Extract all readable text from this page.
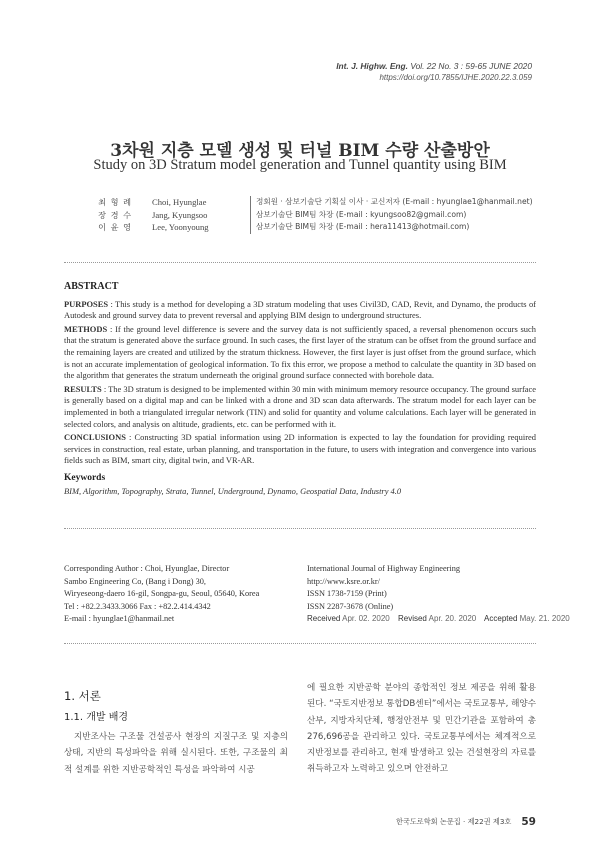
Int. J. Highw. Eng. Vol. 22 No. 3 : 59-65 JUNE 2020
https://doi.org/10.7855/IJHE.2020.22.3.059
3차원 지층 모델 생성 및 터널 BIM 수량 산출방안
Study on 3D Stratum model generation and Tunnel quantity using BIM
최 형 례 Choi, Hyunglae	정회원 · 삼보기술단 기획실 이사 · 교신저자 (E-mail : hyunglae1@hanmail.net)
장 경 수 Jang, Kyungsoo	삼보기술단 BIM팀 차장 (E-mail : kyungsoo82@gmail.com)
이 윤 영 Lee, Yoonyoung	삼보기술단 BIM팀 차장 (E-mail : hera11413@hotmail.com)
ABSTRACT

PURPOSES : This study is a method for developing a 3D stratum modeling that uses Civil3D, CAD, Revit, and Dynamo, the products of Autodesk and ground survey data to prevent reversal and applying BIM design to underground structures.

METHODS : If the ground level difference is severe and the survey data is not sufficiently spaced, a reversal phenomenon occurs such that the stratum is generated above the surface ground. In such cases, the first layer of the stratum can be offset from the ground surface and the remaining layers are created and utilized by the stratum thickness. However, the first layer is just offset from the ground surface, which is not an accurate implementation of geological information. To fix this error, we propose a method to calculate the quantity in 3D based on the algorithm that generates the stratum underneath the original ground surface connected with borehole data.

RESULTS : The 3D stratum is designed to be implemented within 30 min with minimum memory resource occupancy. The ground surface is generally based on a digital map and can be linked with a drone and 3D scan data afterwards. The stratum model for each layer can be implemented in both a triangulated irregular network (TIN) and solid for quantity and volume calculations. Each layer will be generated in selected colors, and analysis on altitude, gradients, etc. can be performed with it.

CONCLUSIONS : Constructing 3D spatial information using 2D information is expected to lay the foundation for providing required services in construction, real estate, urban planning, and transportation in the future, to users with integration and convergence into various fields such as BIM, smart city, digital twin, and VR-AR.

Keywords

BIM, Algorithm, Topography, Strata, Tunnel, Underground, Dynamo, Geospatial Data, Industry 4.0

Corresponding Author : Choi, Hyunglae, Director
Sambo Engineering Co, (Bang i Dong) 30,
Wiryeseong-daero 16-gil, Songpa-gu, Seoul, 05640, Korea
Tel : +82.2.3433.3066 Fax : +82.2.414.4342
E-mail : hyunglae1@hanmail.net
International Journal of Highway Engineering
http://www.ksre.or.kr/
ISSN 1738-7159 (Print)
ISSN 2287-3678 (Online)
Received Apr. 02. 2020 Revised Apr. 20. 2020 Accepted May. 21. 2020
1. 서론
1.1. 개발 배경
지반조사는 구조물 건설공사 현장의 지질구조 및 지층의 상태, 지반의 특성파악을 위해 실시된다. 또한, 구조물의 최적 설계를 위한 지반공학적인 특성을 파악하여 시공
에 필요한 지반공학 분야의 종합적인 정보 제공을 위해 활용된다. “국토지반정보 통합DB센터”에서는 국토교통부, 해양수산부, 지방자치단체, 행정안전부 및 민간기관을 포함하여 총 276,696공을 관리하고 있다. 국토교통부에서는 체계적으로 지반정보를 관리하고, 현재 발생하고 있는 건설현장의 자료를 취득하고자 노력하고 있으며 안전하고
한국도로학회 논문집 · 제22권 제3호 59
